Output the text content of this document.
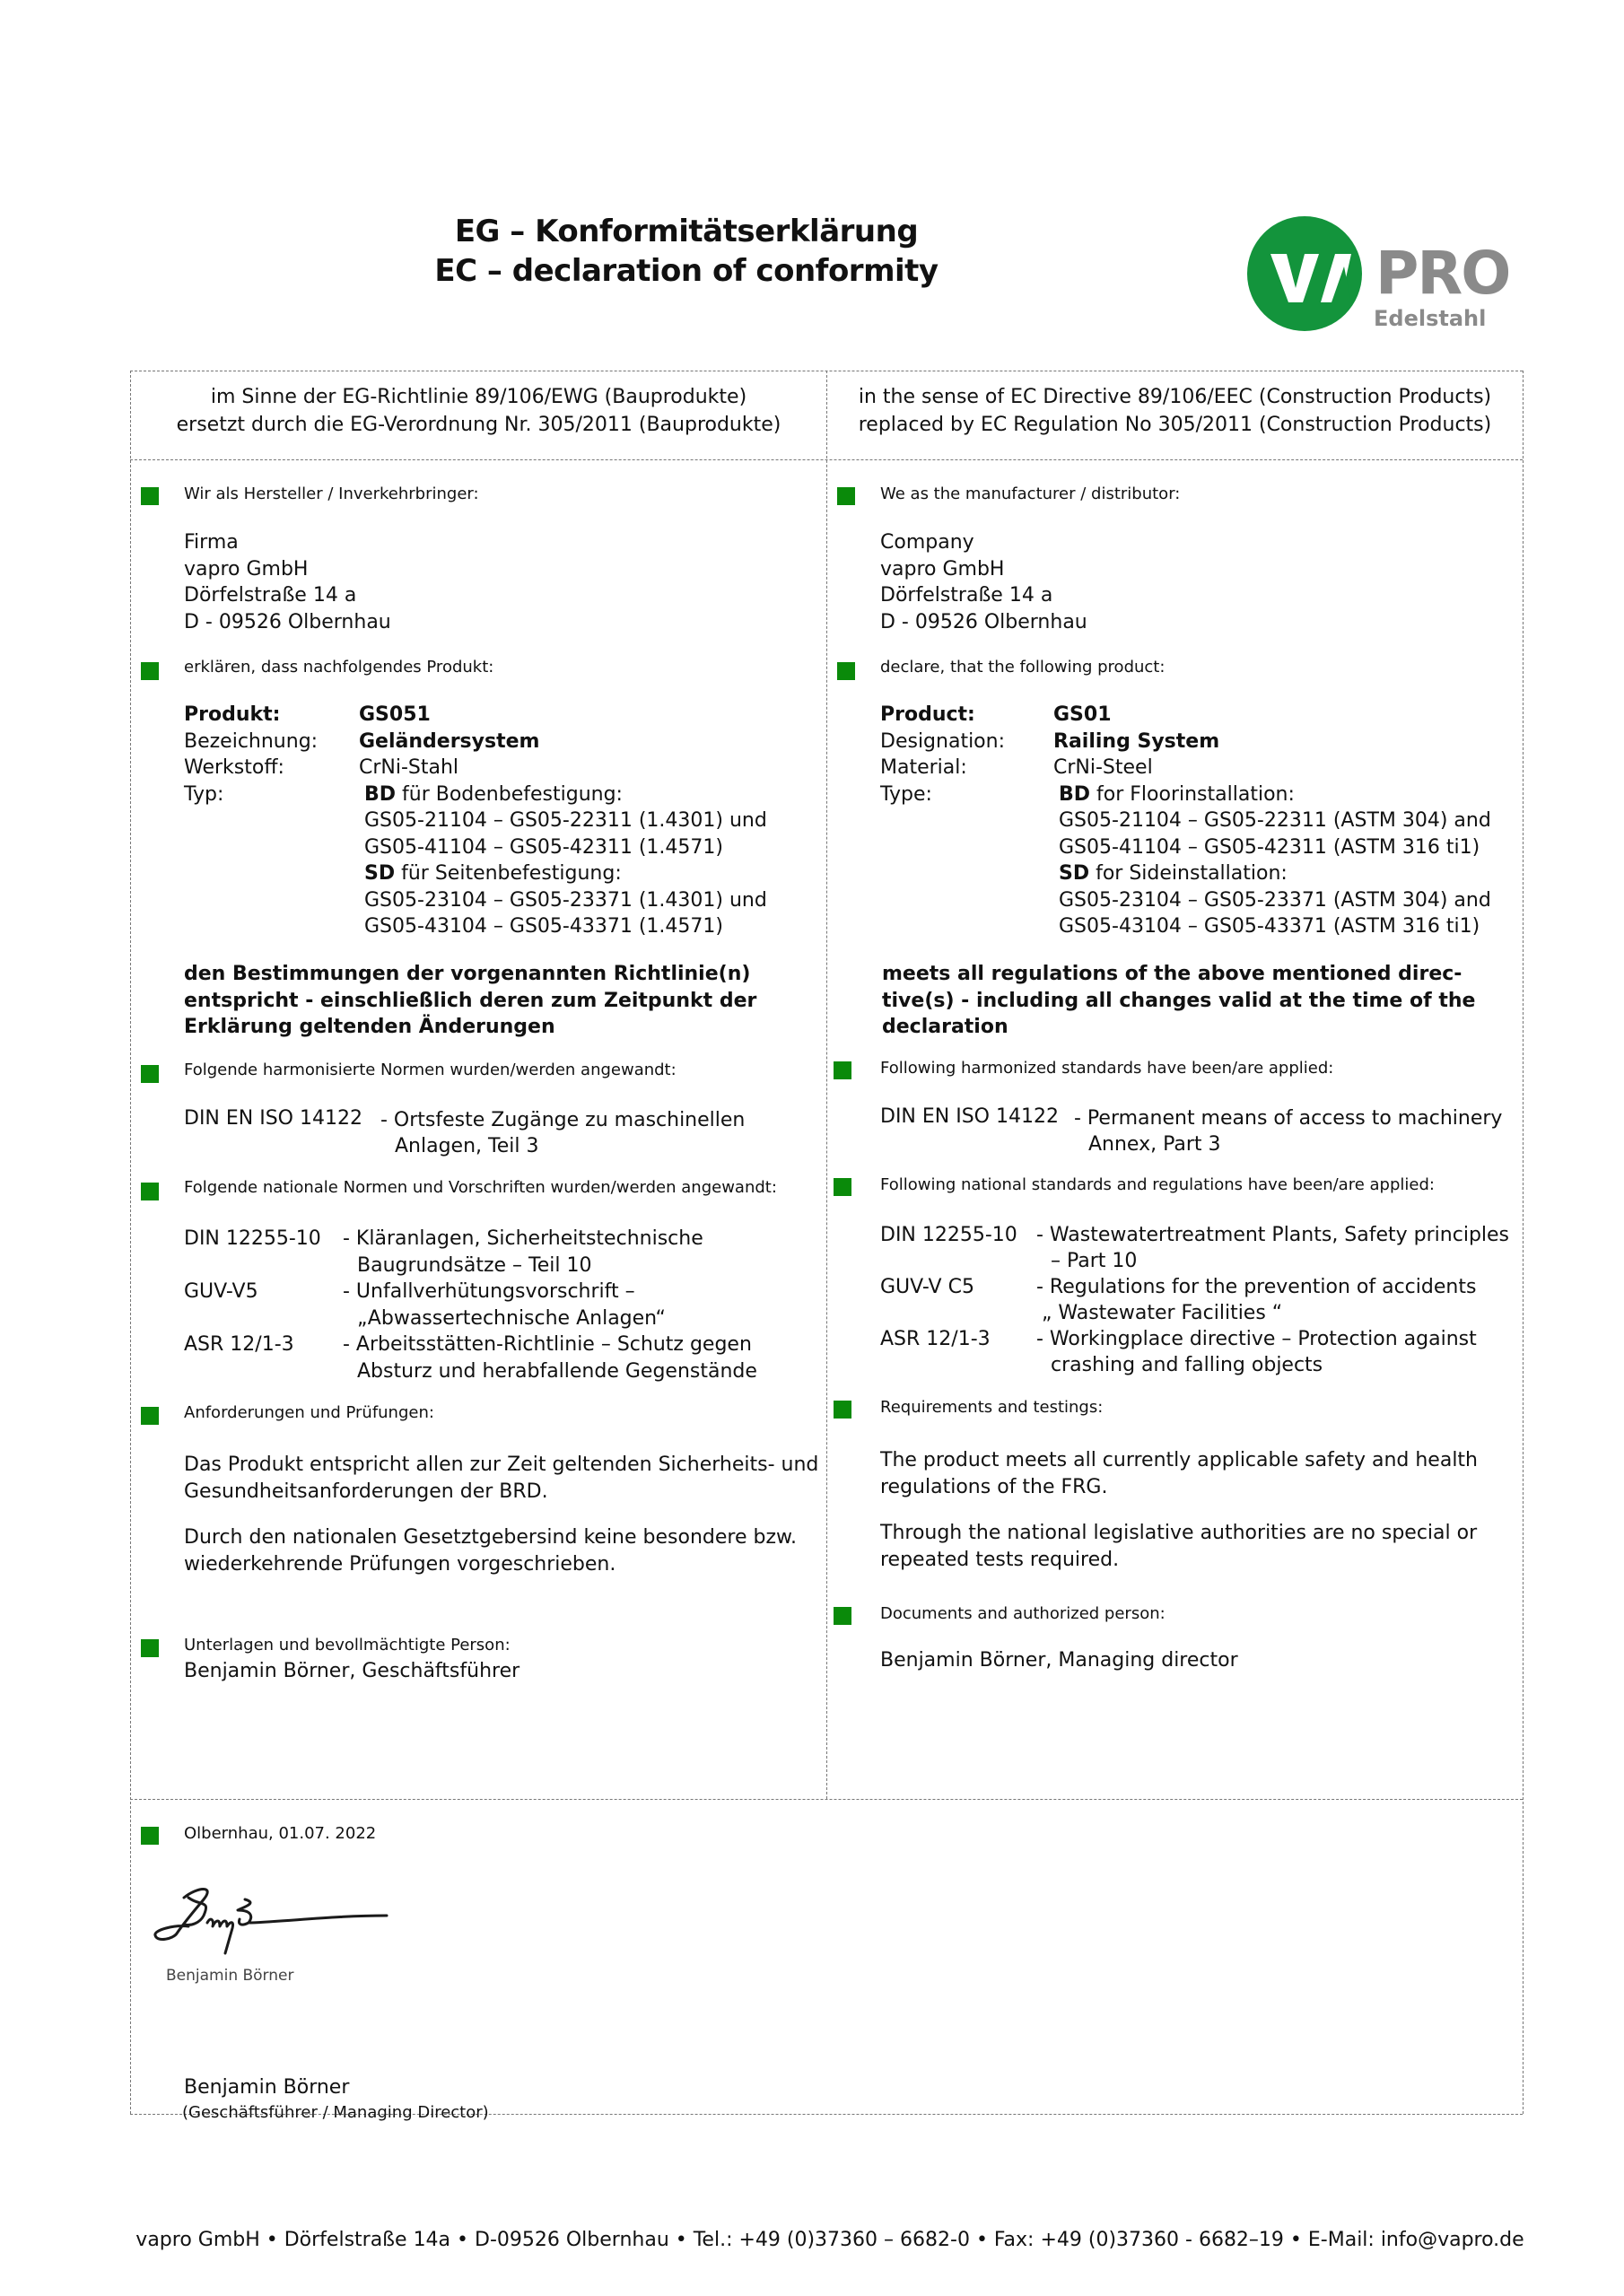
EG – Konformitätserklärung
EC – declaration of conformity	PRO
Edelstahl
im Sinne der EG-Richtlinie 89/106/EWG (Bauprodukte)
ersetzt durch die EG-Verordnung Nr. 305/2011 (Bauprodukte)
in the sense of EC Directive 89/106/EEC (Construction Products)
replaced by EC Regulation No 305/2011 (Construction Products)
Wir als Hersteller / Inverkehrbringer:
Firma
vapro GmbH
Dörfelstraße 14 a
D - 09526 Olbernhau
erklären, dass nachfolgendes Produkt:
Produkt:
Bezeichnung:
Werkstoff:
Typ:
GS051
Geländersystem
CrNi-Stahl
BD für Bodenbefestigung:
GS05-21104 – GS05-22311 (1.4301) und
GS05-41104 – GS05-42311 (1.4571)
SD für Seitenbefestigung:
GS05-23104 – GS05-23371 (1.4301) und
GS05-43104 – GS05-43371 (1.4571)
den Bestimmungen der vorgenannten Richtlinie(n)
entspricht - einschließlich deren zum Zeitpunkt der
Erklärung geltenden Änderungen
Folgende harmonisierte Normen wurden/werden angewandt:
DIN EN ISO 14122 - Ortsfeste Zugänge zu maschinellen
Anlagen, Teil 3
Folgende nationale Normen und Vorschriften wurden/werden angewandt:
DIN 12255-10
GUV-V5
ASR 12/1-3
- Kläranlagen, Sicherheitstechnische
Baugrundsätze – Teil 10
- Unfallverhütungsvorschrift –
„Abwassertechnische Anlagen“
- Arbeitsstätten-Richtlinie – Schutz gegen
Absturz und herabfallende Gegenstände
Anforderungen und Prüfungen:
Das Produkt entspricht allen zur Zeit geltenden Sicherheits- und
Gesundheitsanforderungen der BRD.
Durch den nationalen Gesetztgebersind keine besondere bzw.
wiederkehrende Prüfungen vorgeschrieben.
Unterlagen und bevollmächtigte Person:
Benjamin Börner, Geschäftsführer
We as the manufacturer / distributor:
Company
vapro GmbH
Dörfelstraße 14 a
D - 09526 Olbernhau
declare, that the following product:
Product:
Designation:
Material:
Type:
GS01
Railing System
CrNi-Steel
BD for Floorinstallation:
GS05-21104 – GS05-22311 (ASTM 304) and
GS05-41104 – GS05-42311 (ASTM 316 ti1)
SD for Sideinstallation:
GS05-23104 – GS05-23371 (ASTM 304) and
GS05-43104 – GS05-43371 (ASTM 316 ti1)
meets all regulations of the above mentioned direc-
tive(s) - including all changes valid at the time of the
declaration
Following harmonized standards have been/are applied:
DIN EN ISO 14122 - Permanent means of access to machinery
Annex, Part 3
Following national standards and regulations have been/are applied:
DIN 12255-10
GUV-V C5
ASR 12/1-3
- Wastewatertreatment Plants, Safety principles
– Part 10
- Regulations for the prevention of accidents
„ Wastewater Facilities “
- Workingplace directive – Protection against
crashing and falling objects
Requirements and testings:
The product meets all currently applicable safety and health
regulations of the FRG.
Through the national legislative authorities are no special or
repeated tests required.
Documents and authorized person:
Benjamin Börner, Managing director
Olbernhau, 01.07. 2022
Benjamin Börner
Benjamin Börner
(Geschäftsführer / Managing Director)
vapro GmbH • Dörfelstraße 14a • D-09526 Olbernhau • Tel.: +49 (0)37360 – 6682-0 • Fax: +49 (0)37360 - 6682–19 • E-Mail: info@vapro.de
